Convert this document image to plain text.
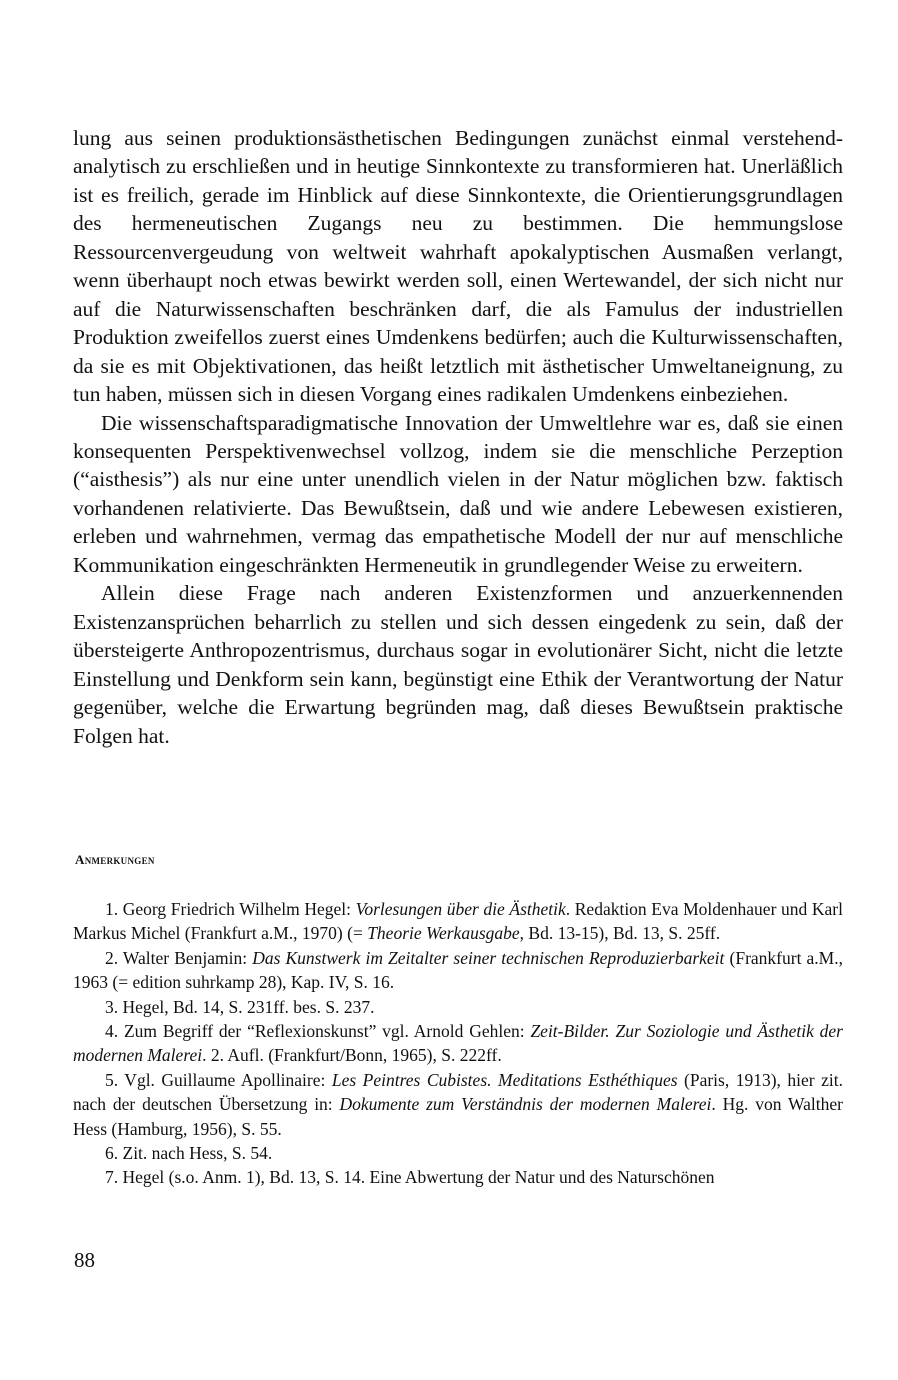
lung aus seinen produktionsästhetischen Bedingungen zunächst einmal verstehend-analytisch zu erschließen und in heutige Sinnkontexte zu transformieren hat. Unerläßlich ist es freilich, gerade im Hinblick auf diese Sinnkontexte, die Orientierungsgrundlagen des hermeneutischen Zugangs neu zu bestimmen. Die hemmungslose Ressourcenvergeudung von weltweit wahrhaft apokalyptischen Ausmaßen verlangt, wenn überhaupt noch etwas bewirkt werden soll, einen Wertewandel, der sich nicht nur auf die Naturwissenschaften beschränken darf, die als Famulus der industriellen Produktion zweifellos zuerst eines Umdenkens bedürfen; auch die Kulturwissenschaften, da sie es mit Objektivationen, das heißt letztlich mit ästhetischer Umweltaneignung, zu tun haben, müssen sich in diesen Vorgang eines radikalen Umdenkens einbeziehen.

Die wissenschaftsparadigmatische Innovation der Umweltlehre war es, daß sie einen konsequenten Perspektivenwechsel vollzog, indem sie die menschliche Perzeption (“aisthesis”) als nur eine unter unendlich vielen in der Natur möglichen bzw. faktisch vorhandenen relativierte. Das Bewußtsein, daß und wie andere Lebewesen existieren, erleben und wahrnehmen, vermag das empathetische Modell der nur auf menschliche Kommunikation eingeschränkten Hermeneutik in grundlegender Weise zu erweitern.

Allein diese Frage nach anderen Existenzformen und anzuerkennenden Existenzansprüchen beharrlich zu stellen und sich dessen eingedenk zu sein, daß der übersteigerte Anthropozentrismus, durchaus sogar in evolutionärer Sicht, nicht die letzte Einstellung und Denkform sein kann, begünstigt eine Ethik der Verantwortung der Natur gegenüber, welche die Erwartung begründen mag, daß dieses Bewußtsein praktische Folgen hat.

Anmerkungen

1. Georg Friedrich Wilhelm Hegel: Vorlesungen über die Ästhetik. Redaktion Eva Moldenhauer und Karl Markus Michel (Frankfurt a.M., 1970) (= Theorie Werkausgabe, Bd. 13-15), Bd. 13, S. 25ff.

2. Walter Benjamin: Das Kunstwerk im Zeitalter seiner technischen Reproduzierbarkeit (Frankfurt a.M., 1963 (= edition suhrkamp 28), Kap. IV, S. 16.

3. Hegel, Bd. 14, S. 231ff. bes. S. 237.

4. Zum Begriff der “Reflexionskunst” vgl. Arnold Gehlen: Zeit-Bilder. Zur Soziologie und Ästhetik der modernen Malerei. 2. Aufl. (Frankfurt/Bonn, 1965), S. 222ff.

5. Vgl. Guillaume Apollinaire: Les Peintres Cubistes. Meditations Esthéthiques (Paris, 1913), hier zit. nach der deutschen Übersetzung in: Dokumente zum Verständnis der modernen Malerei. Hg. von Walther Hess (Hamburg, 1956), S. 55.

6. Zit. nach Hess, S. 54.

7. Hegel (s.o. Anm. 1), Bd. 13, S. 14. Eine Abwertung der Natur und des Naturschönen

88
